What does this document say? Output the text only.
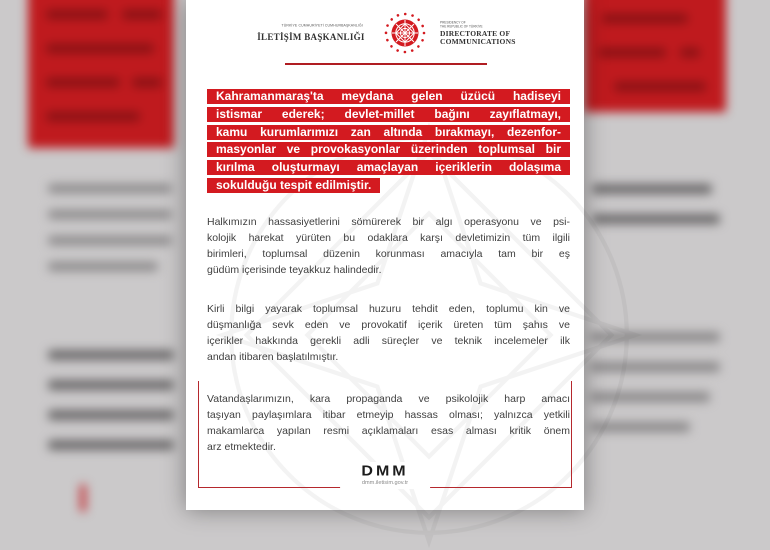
TÜRKİYE CUMHURİYETİ CUMHURBAŞKANLIĞI
İLETİŞİM BAŞKANLIĞI
PRESIDENCY OF
THE REPUBLIC OF TÜRKİYE
DIRECTORATE OF
COMMUNICATIONS
Kahramanmaraş'ta meydana gelen üzücü hadiseyi
istismar ederek; devlet-millet bağını zayıflatmayı,
kamu kurumlarımızı zan altında bırakmayı, dezenfor-
masyonlar ve provokasyonlar üzerinden toplumsal bir
kırılma oluşturmayı amaçlayan içeriklerin dolaşıma
sokulduğu tespit edilmiştir.
Halkımızın hassasiyetlerini sömürerek bir algı operasyonu ve psi-
kolojik harekat yürüten bu odaklara karşı devletimizin tüm ilgili
birimleri, toplumsal düzenin korunması amacıyla tam bir eş
güdüm içerisinde teyakkuz halindedir.
Kirli bilgi yayarak toplumsal huzuru tehdit eden, toplumu kin ve
düşmanlığa sevk eden ve provokatif içerik üreten tüm şahıs ve
içerikler hakkında gerekli adli süreçler ve teknik incelemeler ilk
andan itibaren başlatılmıştır.
Vatandaşlarımızın, kara propaganda ve psikolojik harp amacı
taşıyan paylaşımlara itibar etmeyip hassas olması; yalnızca yetkili
makamlarca yapılan resmi açıklamaları esas alması kritik önem
arz etmektedir.
DMM
dmm.iletisim.gov.tr
